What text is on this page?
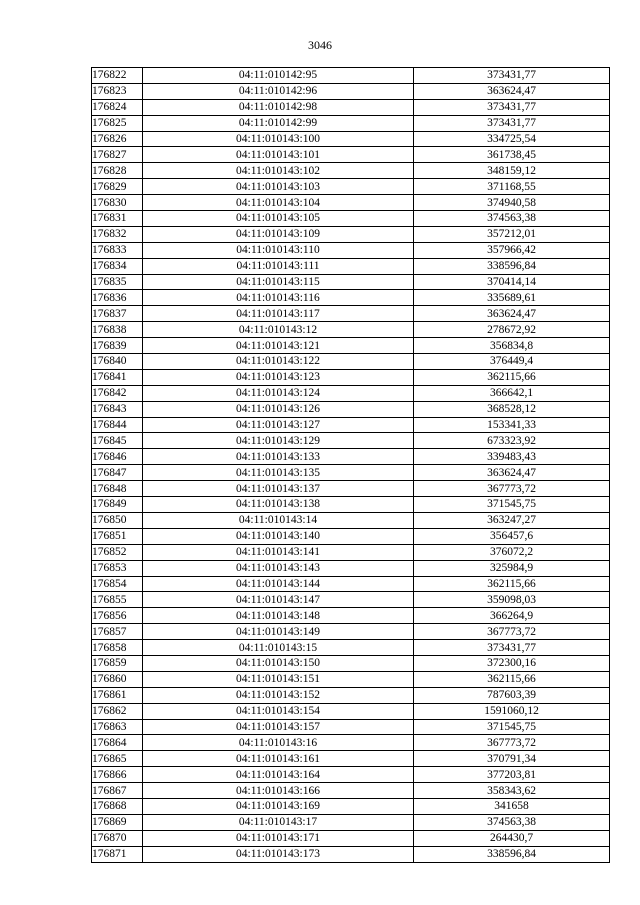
3046
176822	04:11:010142:95	373431,77
176823	04:11:010142:96	363624,47
176824	04:11:010142:98	373431,77
176825	04:11:010142:99	373431,77
176826	04:11:010143:100	334725,54
176827	04:11:010143:101	361738,45
176828	04:11:010143:102	348159,12
176829	04:11:010143:103	371168,55
176830	04:11:010143:104	374940,58
176831	04:11:010143:105	374563,38
176832	04:11:010143:109	357212,01
176833	04:11:010143:110	357966,42
176834	04:11:010143:111	338596,84
176835	04:11:010143:115	370414,14
176836	04:11:010143:116	335689,61
176837	04:11:010143:117	363624,47
176838	04:11:010143:12	278672,92
176839	04:11:010143:121	356834,8
176840	04:11:010143:122	376449,4
176841	04:11:010143:123	362115,66
176842	04:11:010143:124	366642,1
176843	04:11:010143:126	368528,12
176844	04:11:010143:127	153341,33
176845	04:11:010143:129	673323,92
176846	04:11:010143:133	339483,43
176847	04:11:010143:135	363624,47
176848	04:11:010143:137	367773,72
176849	04:11:010143:138	371545,75
176850	04:11:010143:14	363247,27
176851	04:11:010143:140	356457,6
176852	04:11:010143:141	376072,2
176853	04:11:010143:143	325984,9
176854	04:11:010143:144	362115,66
176855	04:11:010143:147	359098,03
176856	04:11:010143:148	366264,9
176857	04:11:010143:149	367773,72
176858	04:11:010143:15	373431,77
176859	04:11:010143:150	372300,16
176860	04:11:010143:151	362115,66
176861	04:11:010143:152	787603,39
176862	04:11:010143:154	1591060,12
176863	04:11:010143:157	371545,75
176864	04:11:010143:16	367773,72
176865	04:11:010143:161	370791,34
176866	04:11:010143:164	377203,81
176867	04:11:010143:166	358343,62
176868	04:11:010143:169	341658
176869	04:11:010143:17	374563,38
176870	04:11:010143:171	264430,7
176871	04:11:010143:173	338596,84
